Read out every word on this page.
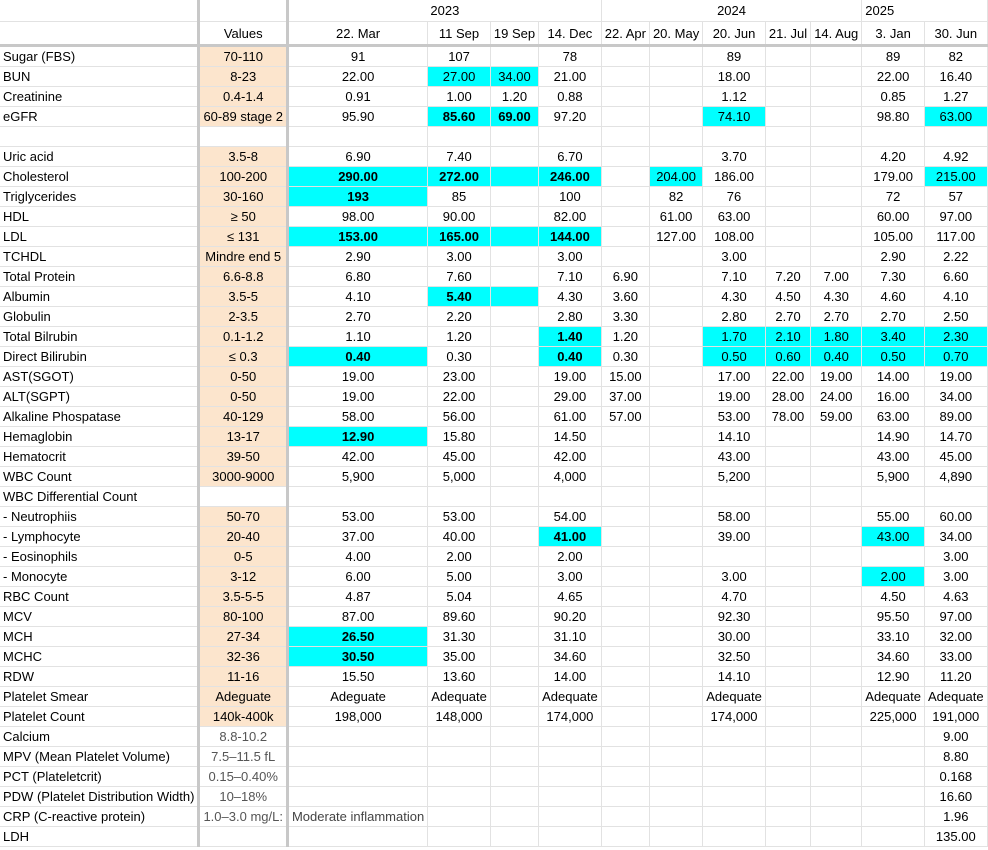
		2023				2024					2025	
	Values	22. Mar	11 Sep	19 Sep	14. Dec	22. Apr	20. May	20. Jun	21. Jul	14. Aug	3. Jan	30. Jun
Sugar (FBS)	70-110	91	107		78			89			89	82
BUN	8-23	22.00	27.00	34.00	21.00			18.00			22.00	16.40
Creatinine	0.4-1.4	0.91	1.00	1.20	0.88			1.12			0.85	1.27
eGFR	60-89 stage 2	95.90	85.60	69.00	97.20			74.10			98.80	63.00

Uric acid	3.5-8	6.90	7.40		6.70			3.70			4.20	4.92
Cholesterol	100-200	290.00	272.00		246.00		204.00	186.00			179.00	215.00
Triglycerides	30-160	193	85		100		82	76			72	57
HDL	≥ 50	98.00	90.00		82.00		61.00	63.00			60.00	97.00
LDL	≤ 131	153.00	165.00		144.00		127.00	108.00			105.00	117.00
TCHDL	Mindre end 5	2.90	3.00		3.00			3.00			2.90	2.22
Total Protein	6.6-8.8	6.80	7.60		7.10	6.90		7.10	7.20	7.00	7.30	6.60
Albumin	3.5-5	4.10	5.40		4.30	3.60		4.30	4.50	4.30	4.60	4.10
Globulin	2-3.5	2.70	2.20		2.80	3.30		2.80	2.70	2.70	2.70	2.50
Total Bilrubin	0.1-1.2	1.10	1.20		1.40	1.20		1.70	2.10	1.80	3.40	2.30
Direct Bilirubin	≤ 0.3	0.40	0.30		0.40	0.30		0.50	0.60	0.40	0.50	0.70
AST(SGOT)	0-50	19.00	23.00		19.00	15.00		17.00	22.00	19.00	14.00	19.00
ALT(SGPT)	0-50	19.00	22.00		29.00	37.00		19.00	28.00	24.00	16.00	34.00
Alkaline Phospatase	40-129	58.00	56.00		61.00	57.00		53.00	78.00	59.00	63.00	89.00
Hemaglobin	13-17	12.90	15.80		14.50			14.10			14.90	14.70
Hematocrit	39-50	42.00	45.00		42.00			43.00			43.00	45.00
WBC Count	3000-9000	5,900	5,000		4,000			5,200			5,900	4,890
WBC Differential Count												
- Neutrophiis	50-70	53.00	53.00		54.00			58.00			55.00	60.00
- Lymphocyte	20-40	37.00	40.00		41.00			39.00			43.00	34.00
- Eosinophils	0-5	4.00	2.00		2.00							3.00
- Monocyte	3-12	6.00	5.00		3.00			3.00			2.00	3.00
RBC Count	3.5-5-5	4.87	5.04		4.65			4.70			4.50	4.63
MCV	80-100	87.00	89.60		90.20			92.30			95.50	97.00
MCH	27-34	26.50	31.30		31.10			30.00			33.10	32.00
MCHC	32-36	30.50	35.00		34.60			32.50			34.60	33.00
RDW	11-16	15.50	13.60		14.00			14.10			12.90	11.20
Platelet Smear	Adeguate	Adeguate	Adequate		Adequate			Adequate			Adequate	Adequate
Platelet Count	140k-400k	198,000	148,000		174,000			174,000			225,000	191,000
Calcium	8.8-10.2											9.00
MPV (Mean Platelet Volume)	7.5–11.5 fL											8.80
PCT (Plateletcrit)	0.15–0.40%											0.168
PDW (Platelet Distribution Width)	10–18%											16.60
CRP (C-reactive protein)	1.0–3.0 mg/L:	Moderate inflammation										1.96
LDH												135.00
